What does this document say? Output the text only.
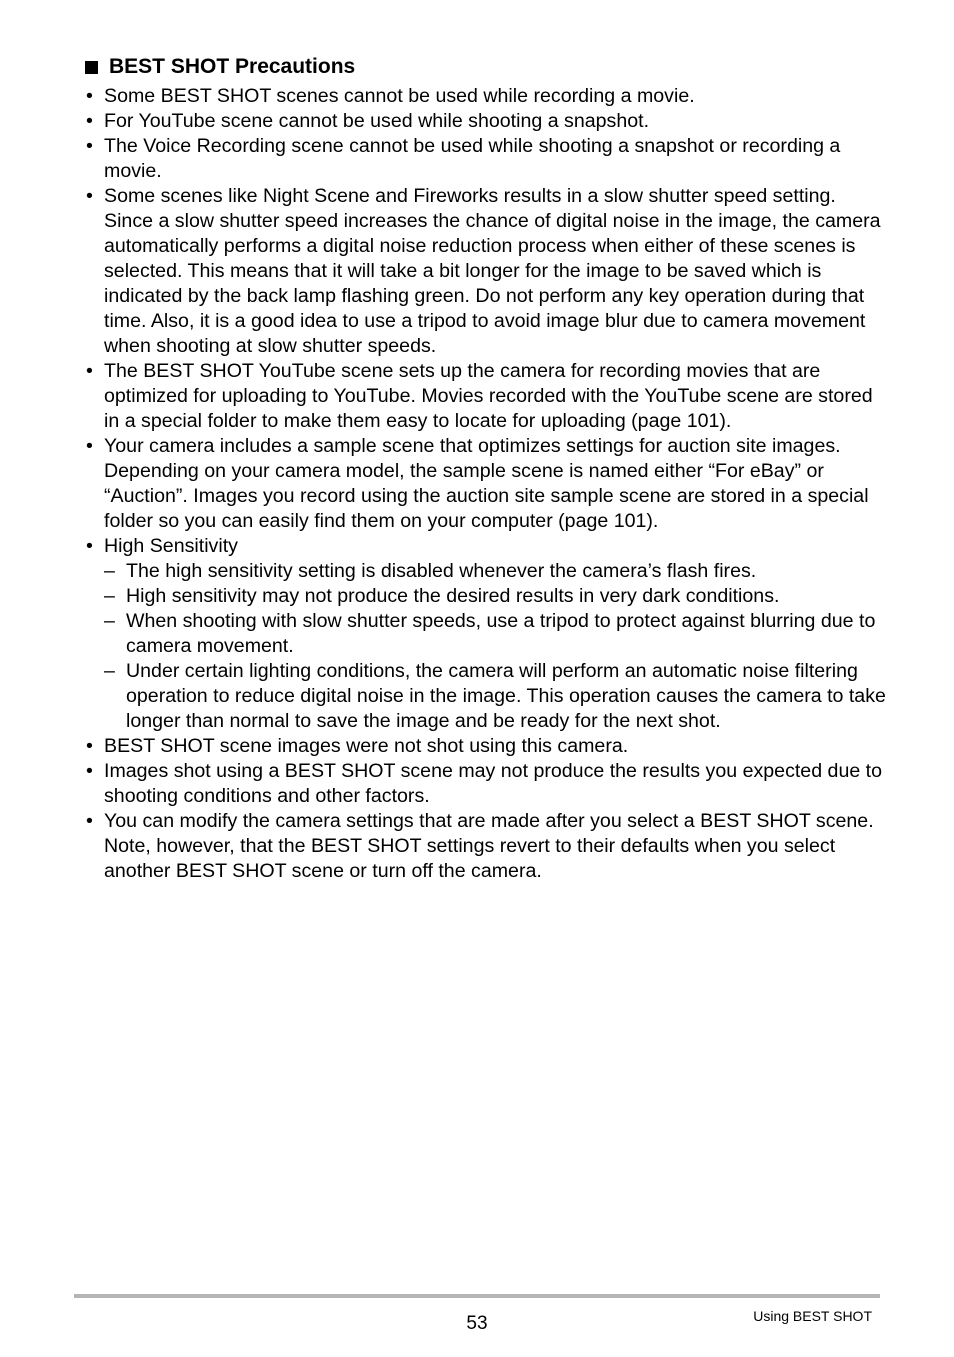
BEST SHOT Precautions
• Some BEST SHOT scenes cannot be used while recording a movie.
• For YouTube scene cannot be used while shooting a snapshot.
• The Voice Recording scene cannot be used while shooting a snapshot or recording a movie.
• Some scenes like Night Scene and Fireworks results in a slow shutter speed setting. Since a slow shutter speed increases the chance of digital noise in the image, the camera automatically performs a digital noise reduction process when either of these scenes is selected. This means that it will take a bit longer for the image to be saved which is indicated by the back lamp flashing green. Do not perform any key operation during that time. Also, it is a good idea to use a tripod to avoid image blur due to camera movement when shooting at slow shutter speeds.
• The BEST SHOT YouTube scene sets up the camera for recording movies that are optimized for uploading to YouTube. Movies recorded with the YouTube scene are stored in a special folder to make them easy to locate for uploading (page 101).
• Your camera includes a sample scene that optimizes settings for auction site images. Depending on your camera model, the sample scene is named either “For eBay” or “Auction”. Images you record using the auction site sample scene are stored in a special folder so you can easily find them on your computer (page 101).
• High Sensitivity
– The high sensitivity setting is disabled whenever the camera’s flash fires.
– High sensitivity may not produce the desired results in very dark conditions.
– When shooting with slow shutter speeds, use a tripod to protect against blurring due to camera movement.
– Under certain lighting conditions, the camera will perform an automatic noise filtering operation to reduce digital noise in the image. This operation causes the camera to take longer than normal to save the image and be ready for the next shot.
• BEST SHOT scene images were not shot using this camera.
• Images shot using a BEST SHOT scene may not produce the results you expected due to shooting conditions and other factors.
• You can modify the camera settings that are made after you select a BEST SHOT scene. Note, however, that the BEST SHOT settings revert to their defaults when you select another BEST SHOT scene or turn off the camera.
53	Using BEST SHOT
